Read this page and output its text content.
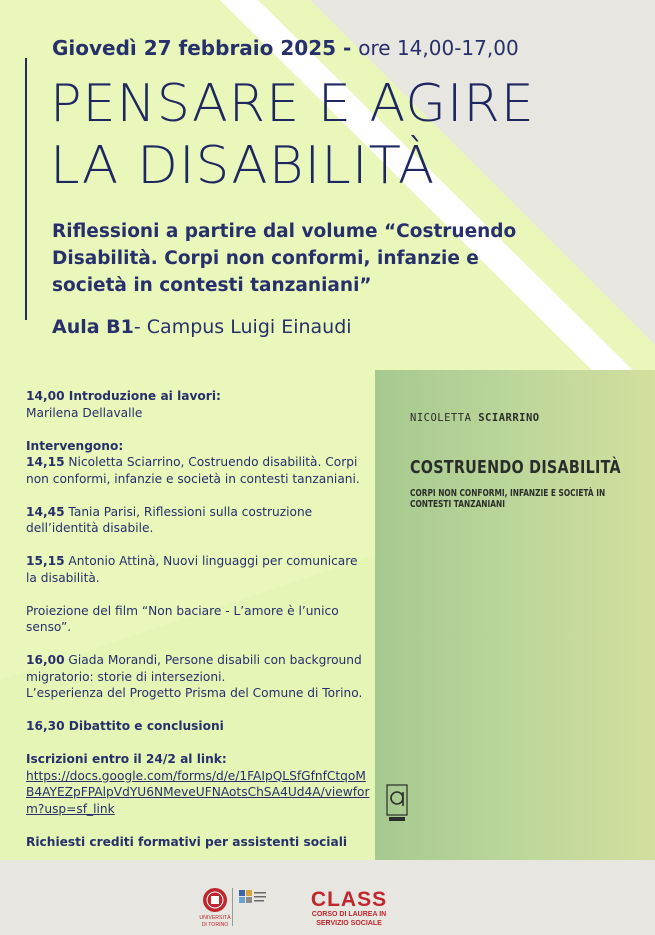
Giovedì 27 febbraio 2025 - ore 14,00-17,00
PENSARE E AGIRE
LA DISABILITÀ
Riflessioni a partire dal volume “Costruendo Disabilità. Corpi non conformi, infanzie e società in contesti tanzaniani”
Aula B1- Campus Luigi Einaudi

14,00 Introduzione ai lavori:
Marilena Dellavalle

Intervengono:
14,15 Nicoletta Sciarrino, Costruendo disabilità. Corpi non conformi, infanzie e società in contesti tanzaniani.

14,45 Tania Parisi, Riflessioni sulla costruzione dell’identità disabile.

15,15 Antonio Attinà, Nuovi linguaggi per comunicare la disabilità.

Proiezione del film “Non baciare - L’amore è l’unico senso”.

16,00 Giada Morandi, Persone disabili con background migratorio: storie di intersezioni.
L’esperienza del Progetto Prisma del Comune di Torino.

16,30 Dibattito e conclusioni

Iscrizioni entro il 24/2 al link:
https://docs.google.com/forms/d/e/1FAIpQLSfGfnfCtqoMB4AYEZpFPAlpVdYU6NMeveUFNAotsChSA4Ud4A/viewform?usp=sf_link

Richiesti crediti formativi per assistenti sociali

NICOLETTA SCIARRINO
COSTRUENDO DISABILITÀ
CORPI NON CONFORMI, INFANZIE E SOCIETÀ IN CONTESTI TANZANIANI
UNIVERSITÀ
DI TORINO
CLASS
CORSO DI LAUREA IN
SERVIZIO SOCIALE
